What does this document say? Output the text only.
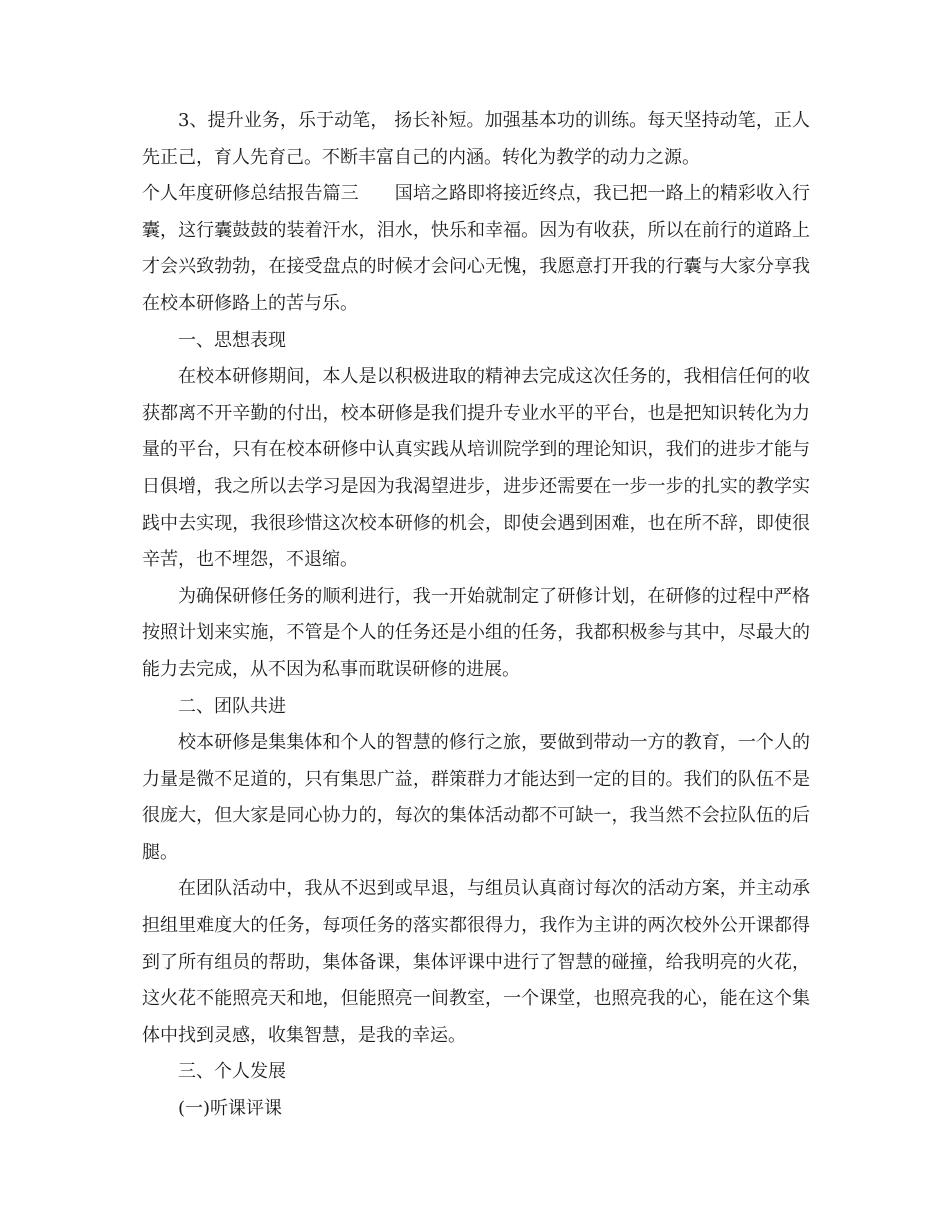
3、提升业务，乐于动笔， 扬长补短。加强基本功的训练。每天坚持动笔，正人先正己，育人先育己。不断丰富自己的内涵。转化为教学的动力之源。

个人年度研修总结报告篇三　　国培之路即将接近终点，我已把一路上的精彩收入行囊，这行囊鼓鼓的装着汗水，泪水，快乐和幸福。因为有收获，所以在前行的道路上才会兴致勃勃，在接受盘点的时候才会问心无愧，我愿意打开我的行囊与大家分享我在校本研修路上的苦与乐。

一、思想表现

在校本研修期间，本人是以积极进取的精神去完成这次任务的，我相信任何的收获都离不开辛勤的付出，校本研修是我们提升专业水平的平台，也是把知识转化为力量的平台，只有在校本研修中认真实践从培训院学到的理论知识，我们的进步才能与日俱增，我之所以去学习是因为我渴望进步，进步还需要在一步一步的扎实的教学实践中去实现，我很珍惜这次校本研修的机会，即使会遇到困难，也在所不辞，即使很辛苦，也不埋怨，不退缩。

为确保研修任务的顺利进行，我一开始就制定了研修计划，在研修的过程中严格按照计划来实施，不管是个人的任务还是小组的任务，我都积极参与其中，尽最大的能力去完成，从不因为私事而耽误研修的进展。

二、团队共进

校本研修是集集体和个人的智慧的修行之旅，要做到带动一方的教育，一个人的力量是微不足道的，只有集思广益，群策群力才能达到一定的目的。我们的队伍不是很庞大，但大家是同心协力的，每次的集体活动都不可缺一，我当然不会拉队伍的后腿。

在团队活动中，我从不迟到或早退，与组员认真商讨每次的活动方案，并主动承担组里难度大的任务，每项任务的落实都很得力，我作为主讲的两次校外公开课都得到了所有组员的帮助，集体备课，集体评课中进行了智慧的碰撞，给我明亮的火花，这火花不能照亮天和地，但能照亮一间教室，一个课堂，也照亮我的心，能在这个集体中找到灵感，收集智慧，是我的幸运。

三、个人发展

(一)听课评课
